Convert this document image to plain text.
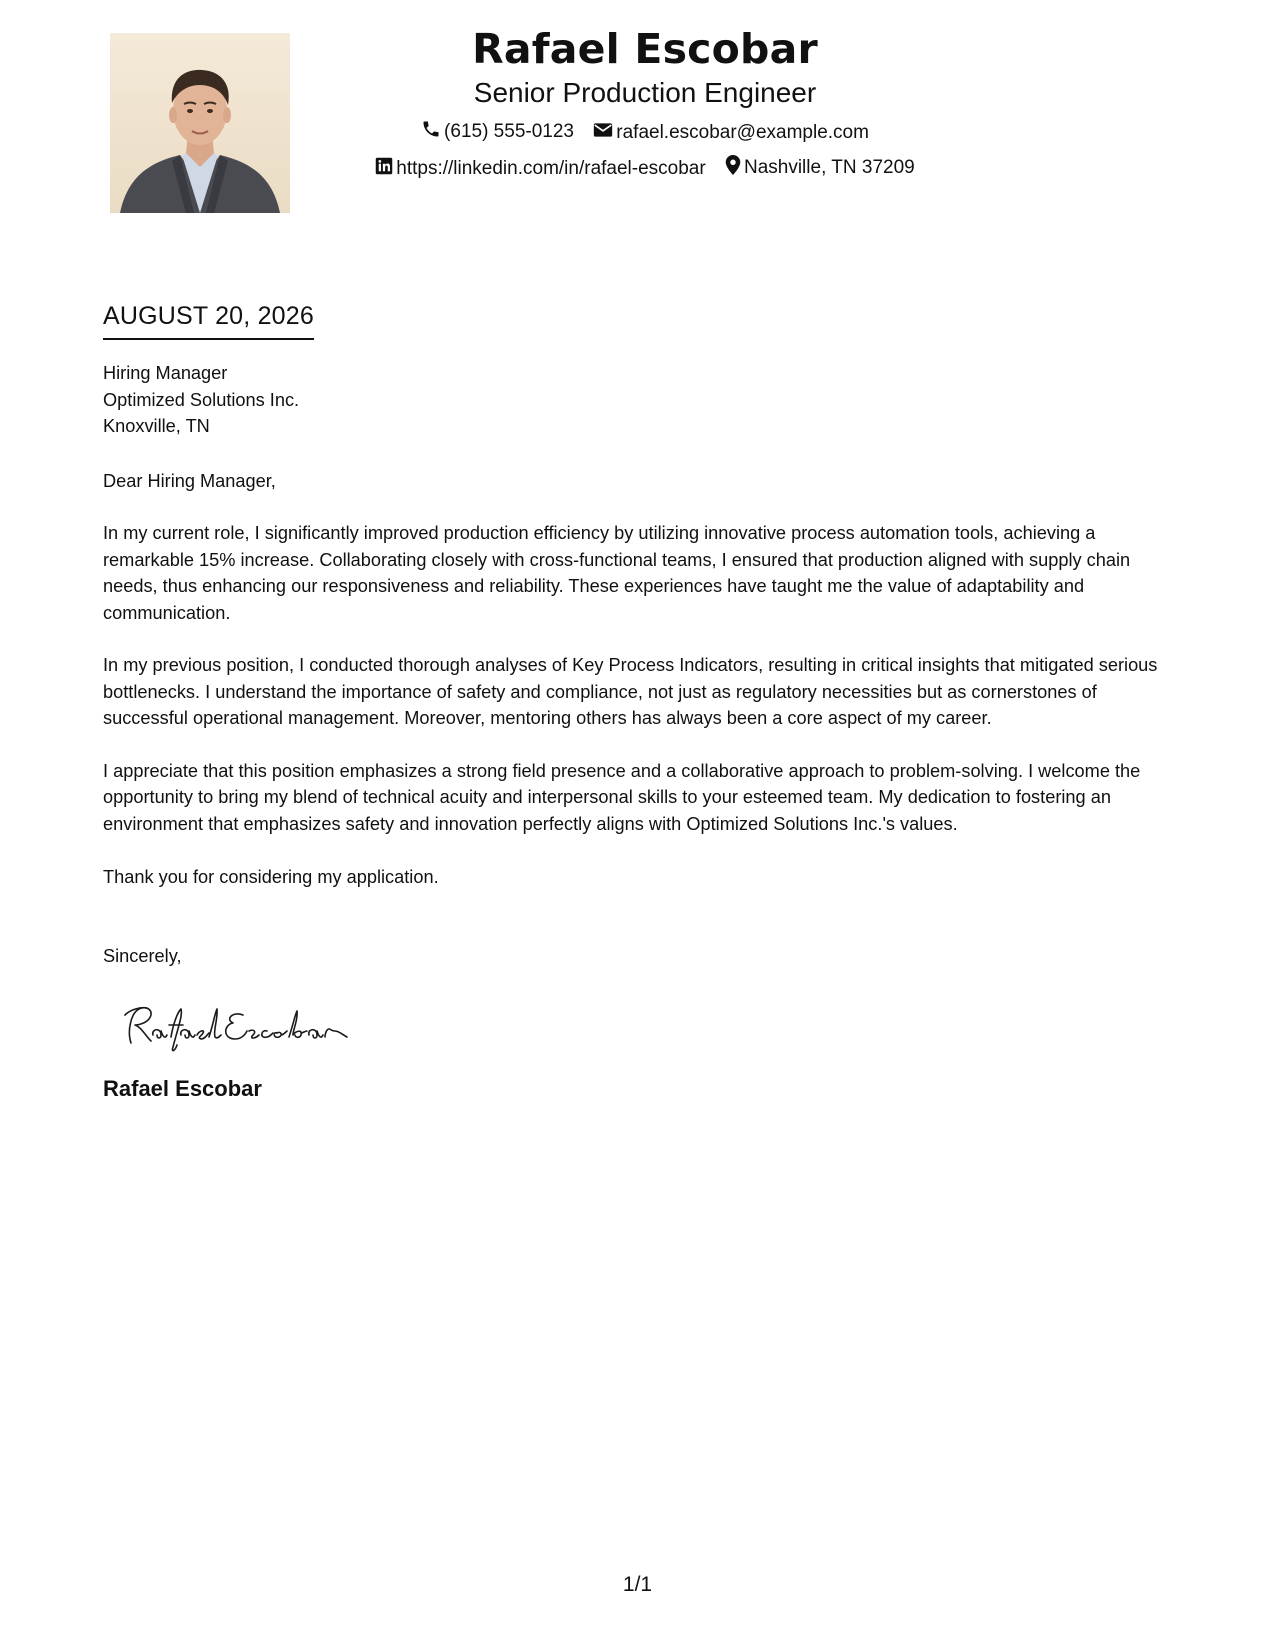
Rafael Escobar
Senior Production Engineer
(615) 555-0123
rafael.escobar@example.com
https://linkedin.com/in/rafael-escobar
Nashville, TN 37209
AUGUST 20, 2026
Hiring Manager
Optimized Solutions Inc.
Knoxville, TN
Dear Hiring Manager,
In my current role, I significantly improved production efficiency by utilizing innovative process automation tools, achieving a remarkable 15% increase. Collaborating closely with cross-functional teams, I ensured that production aligned with supply chain needs, thus enhancing our responsiveness and reliability. These experiences have taught me the value of adaptability and communication.
In my previous position, I conducted thorough analyses of Key Process Indicators, resulting in critical insights that mitigated serious bottlenecks. I understand the importance of safety and compliance, not just as regulatory necessities but as cornerstones of successful operational management. Moreover, mentoring others has always been a core aspect of my career.
I appreciate that this position emphasizes a strong field presence and a collaborative approach to problem-solving. I welcome the opportunity to bring my blend of technical acuity and interpersonal skills to your esteemed team. My dedication to fostering an environment that emphasizes safety and innovation perfectly aligns with Optimized Solutions Inc.'s values.
Thank you for considering my application.
Sincerely,
Rafael Escobar
1/1
